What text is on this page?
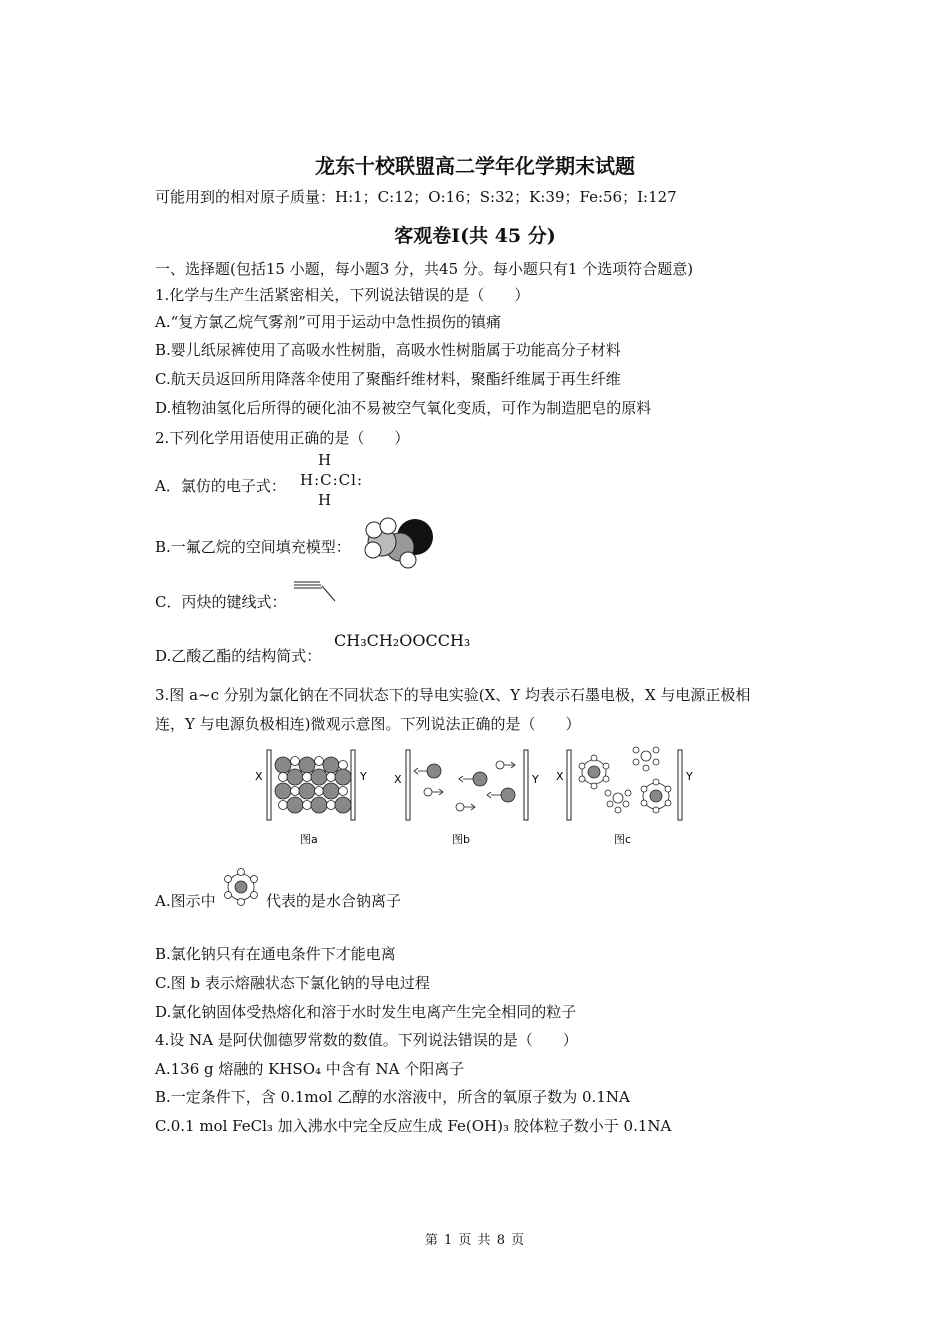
龙东十校联盟高二学年化学期末试题
可能用到的相对原子质量：H:1；C:12；O:16；S:32；K:39；Fe:56；I:127
客观卷Ⅰ(共 45 分)
一、选择题(包括15 小题，每小题3 分，共45 分。每小题只有1 个选项符合题意)
1.化学与生产生活紧密相关，下列说法错误的是（　　）
A.“复方氯乙烷气雾剂”可用于运动中急性损伤的镇痛
B.婴儿纸尿裤使用了高吸水性树脂，高吸水性树脂属于功能高分子材料
C.航天员返回所用降落伞使用了聚酯纤维材料，聚酯纤维属于再生纤维
D.植物油氢化后所得的硬化油不易被空气氧化变质，可作为制造肥皂的原料
2.下列化学用语使用正确的是（　　）
A．氯仿的电子式：
H
H:C:Cl:
H
B.一氟乙烷的空间填充模型：
C．丙炔的键线式：
D.乙酸乙酯的结构简式：
CH₃CH₂OOCCH₃
3.图 a~c 分别为氯化钠在不同状态下的导电实验(X、Y 均表示石墨电极，X 与电源正极相
连，Y 与电源负极相连)微观示意图。下列说法正确的是（　　）
X	Y
图a
X	Y
图b
X	Y
图c
A.图示中	代表的是水合钠离子
B.氯化钠只有在通电条件下才能电离
C.图 b 表示熔融状态下氯化钠的导电过程
D.氯化钠固体受热熔化和溶于水时发生电离产生完全相同的粒子
4.设 NA 是阿伏伽德罗常数的数值。下列说法错误的是（　　）
A.136 g 熔融的 KHSO₄ 中含有 NA 个阳离子
B.一定条件下，含 0.1mol 乙醇的水溶液中，所含的氧原子数为 0.1NA
C.0.1 mol FeCl₃ 加入沸水中完全反应生成 Fe(OH)₃ 胶体粒子数小于 0.1NA
第 1 页 共 8 页
